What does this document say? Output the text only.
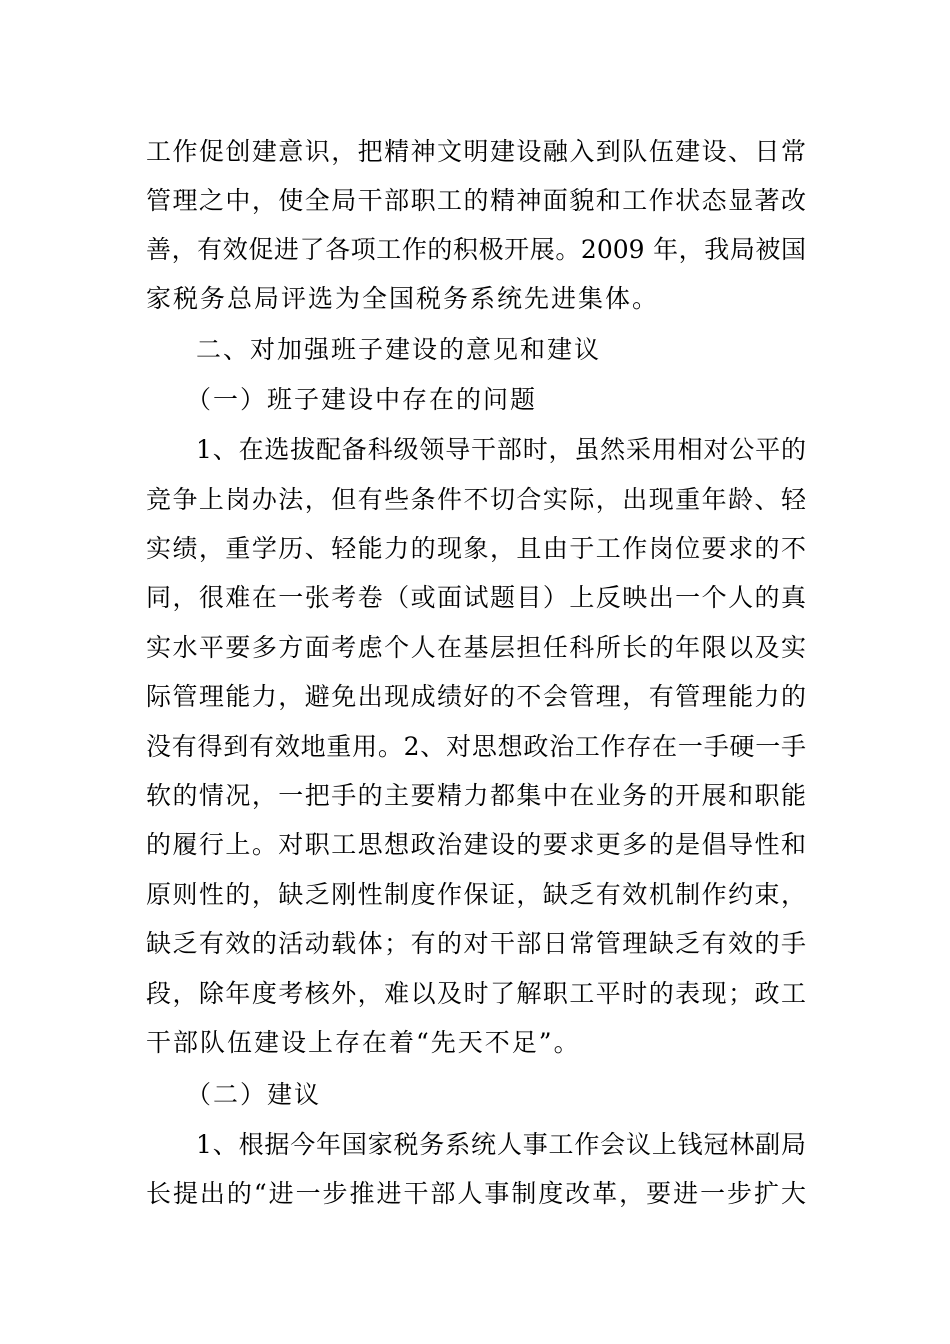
工作促创建意识，把精神文明建设融入到队伍建设、日常
管理之中，使全局干部职工的精神面貌和工作状态显著改
善，有效促进了各项工作的积极开展。2009 年，我局被国
家税务总局评选为全国税务系统先进集体。
二、对加强班子建设的意见和建议
（一）班子建设中存在的问题
1、在选拔配备科级领导干部时，虽然采用相对公平的
竞争上岗办法，但有些条件不切合实际，出现重年龄、轻
实绩，重学历、轻能力的现象，且由于工作岗位要求的不
同，很难在一张考卷（或面试题目）上反映出一个人的真
实水平要多方面考虑个人在基层担任科所长的年限以及实
际管理能力，避免出现成绩好的不会管理，有管理能力的
没有得到有效地重用。2、对思想政治工作存在一手硬一手
软的情况，一把手的主要精力都集中在业务的开展和职能
的履行上。对职工思想政治建设的要求更多的是倡导性和
原则性的，缺乏刚性制度作保证，缺乏有效机制作约束，
缺乏有效的活动载体；有的对干部日常管理缺乏有效的手
段，除年度考核外，难以及时了解职工平时的表现；政工
干部队伍建设上存在着“先天不足”。
（二）建议
1、根据今年国家税务系统人事工作会议上钱冠林副局
长提出的“进一步推进干部人事制度改革，要进一步扩大
